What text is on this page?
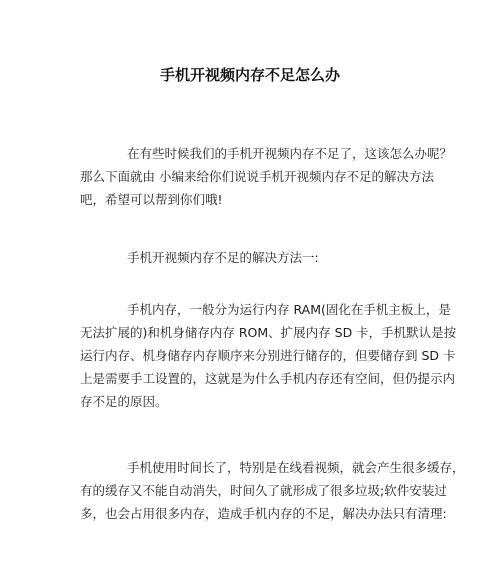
手机开视频内存不足怎么办
在有些时候我们的手机开视频内存不足了，这该怎么办呢？
那么下面就由 小编来给你们说说手机开视频内存不足的解决方法
吧，希望可以帮到你们哦!
手机开视频内存不足的解决方法一:
手机内存，一般分为运行内存 RAM(固化在手机主板上，是
无法扩展的)和机身储存内存 ROM、扩展内存 SD 卡，手机默认是按
运行内存、机身储存内存顺序来分别进行储存的，但要储存到 SD 卡
上是需要手工设置的，这就是为什么手机内存还有空间，但仍提示内
存不足的原因。
手机使用时间长了，特别是在线看视频，就会产生很多缓存，
有的缓存又不能自动消失，时间久了就形成了很多垃圾;软件安装过
多，也会占用很多内存，造成手机内存的不足，解决办法只有清理:
